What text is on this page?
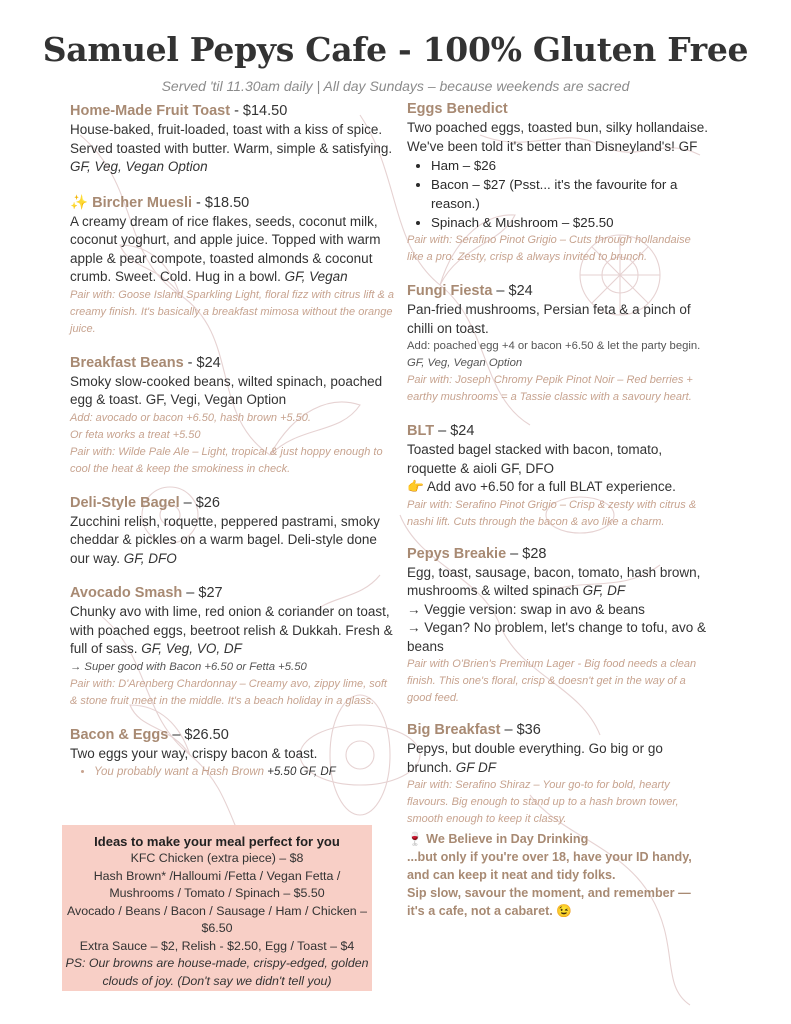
Samuel Pepys Cafe - 100% Gluten Free
Served 'til 11.30am daily | All day Sundays – because weekends are sacred
Home-Made Fruit Toast - $14.50
House-baked, fruit-loaded, toast with a kiss of spice. Served toasted with butter. Warm, simple & satisfying. GF, Veg, Vegan Option
✨ Bircher Muesli - $18.50
A creamy dream of rice flakes, seeds, coconut milk, coconut yoghurt, and apple juice. Topped with warm apple & pear compote, toasted almonds & coconut crumb. Sweet. Cold. Hug in a bowl. GF, Vegan
Pair with: Goose Island Sparkling Light, floral fizz with citrus lift & a creamy finish. It's basically a breakfast mimosa without the orange juice.
Breakfast Beans - $24
Smoky slow-cooked beans, wilted spinach, poached egg & toast. GF, Vegi, Vegan Option
Add: avocado or bacon +6.50, hash brown +5.50.
Or feta works a treat +5.50
Pair with: Wilde Pale Ale – Light, tropical & just hoppy enough to cool the heat & keep the smokiness in check.
Deli-Style Bagel – $26
Zucchini relish, roquette, peppered pastrami, smoky cheddar & pickles on a warm bagel. Deli-style done our way. GF, DFO
Avocado Smash – $27
Chunky avo with lime, red onion & coriander on toast, with poached eggs, beetroot relish & Dukkah. Fresh & full of sass. GF, Veg, VO, DF
→ Super good with Bacon +6.50 or Fetta +5.50
Pair with: D'Arenberg Chardonnay – Creamy avo, zippy lime, soft & stone fruit meet in the middle. It's a beach holiday in a glass.
Bacon & Eggs – $26.50
Two eggs your way, crispy bacon & toast.
• You probably want a Hash Brown +5.50 GF, DF
Ideas to make your meal perfect for you

KFC Chicken (extra piece) – $8

Hash Brown* /Halloumi /Fetta / Vegan Fetta / Mushrooms / Tomato / Spinach – $5.50

Avocado / Beans / Bacon / Sausage / Ham / Chicken – $6.50

Extra Sauce – $2, Relish - $2.50, Egg / Toast – $4

PS: Our browns are house-made, crispy-edged, golden clouds of joy. (Don't say we didn't tell you)

Eggs Benedict
Two poached eggs, toasted bun, silky hollandaise. We've been told it's better than Disneyland's! GF
• Ham – $26
• Bacon – $27 (Psst... it's the favourite for a reason.)
• Spinach & Mushroom – $25.50
Pair with: Serafino Pinot Grigio – Cuts through hollandaise like a pro. Zesty, crisp & always invited to brunch.
Fungi Fiesta – $24
Pan-fried mushrooms, Persian feta & a pinch of chilli on toast.
Add: poached egg +4 or bacon +6.50 & let the party begin. GF, Veg, Vegan Option
Pair with: Joseph Chromy Pepik Pinot Noir – Red berries + earthy mushrooms = a Tassie classic with a savoury heart.
BLT – $24
Toasted bagel stacked with bacon, tomato, roquette & aioli GF, DFO
👉 Add avo +6.50 for a full BLAT experience.
Pair with: Serafino Pinot Grigio – Crisp & zesty with citrus & nashi lift. Cuts through the bacon & avo like a charm.
Pepys Breakie – $28
Egg, toast, sausage, bacon, tomato, hash brown, mushrooms & wilted spinach GF, DF
→ Veggie version: swap in avo & beans
→ Vegan? No problem, let's change to tofu, avo & beans
Pair with O'Brien's Premium Lager - Big food needs a clean finish. This one's floral, crisp & doesn't get in the way of a good feed.
Big Breakfast – $36
Pepys, but double everything. Go big or go brunch. GF DF
Pair with: Serafino Shiraz – Your go-to for bold, hearty flavours. Big enough to stand up to a hash brown tower, smooth enough to keep it classy.
🍷 We Believe in Day Drinking
...but only if you're over 18, have your ID handy, and can keep it neat and tidy folks.
Sip slow, savour the moment, and remember — it's a cafe, not a cabaret. 😉
